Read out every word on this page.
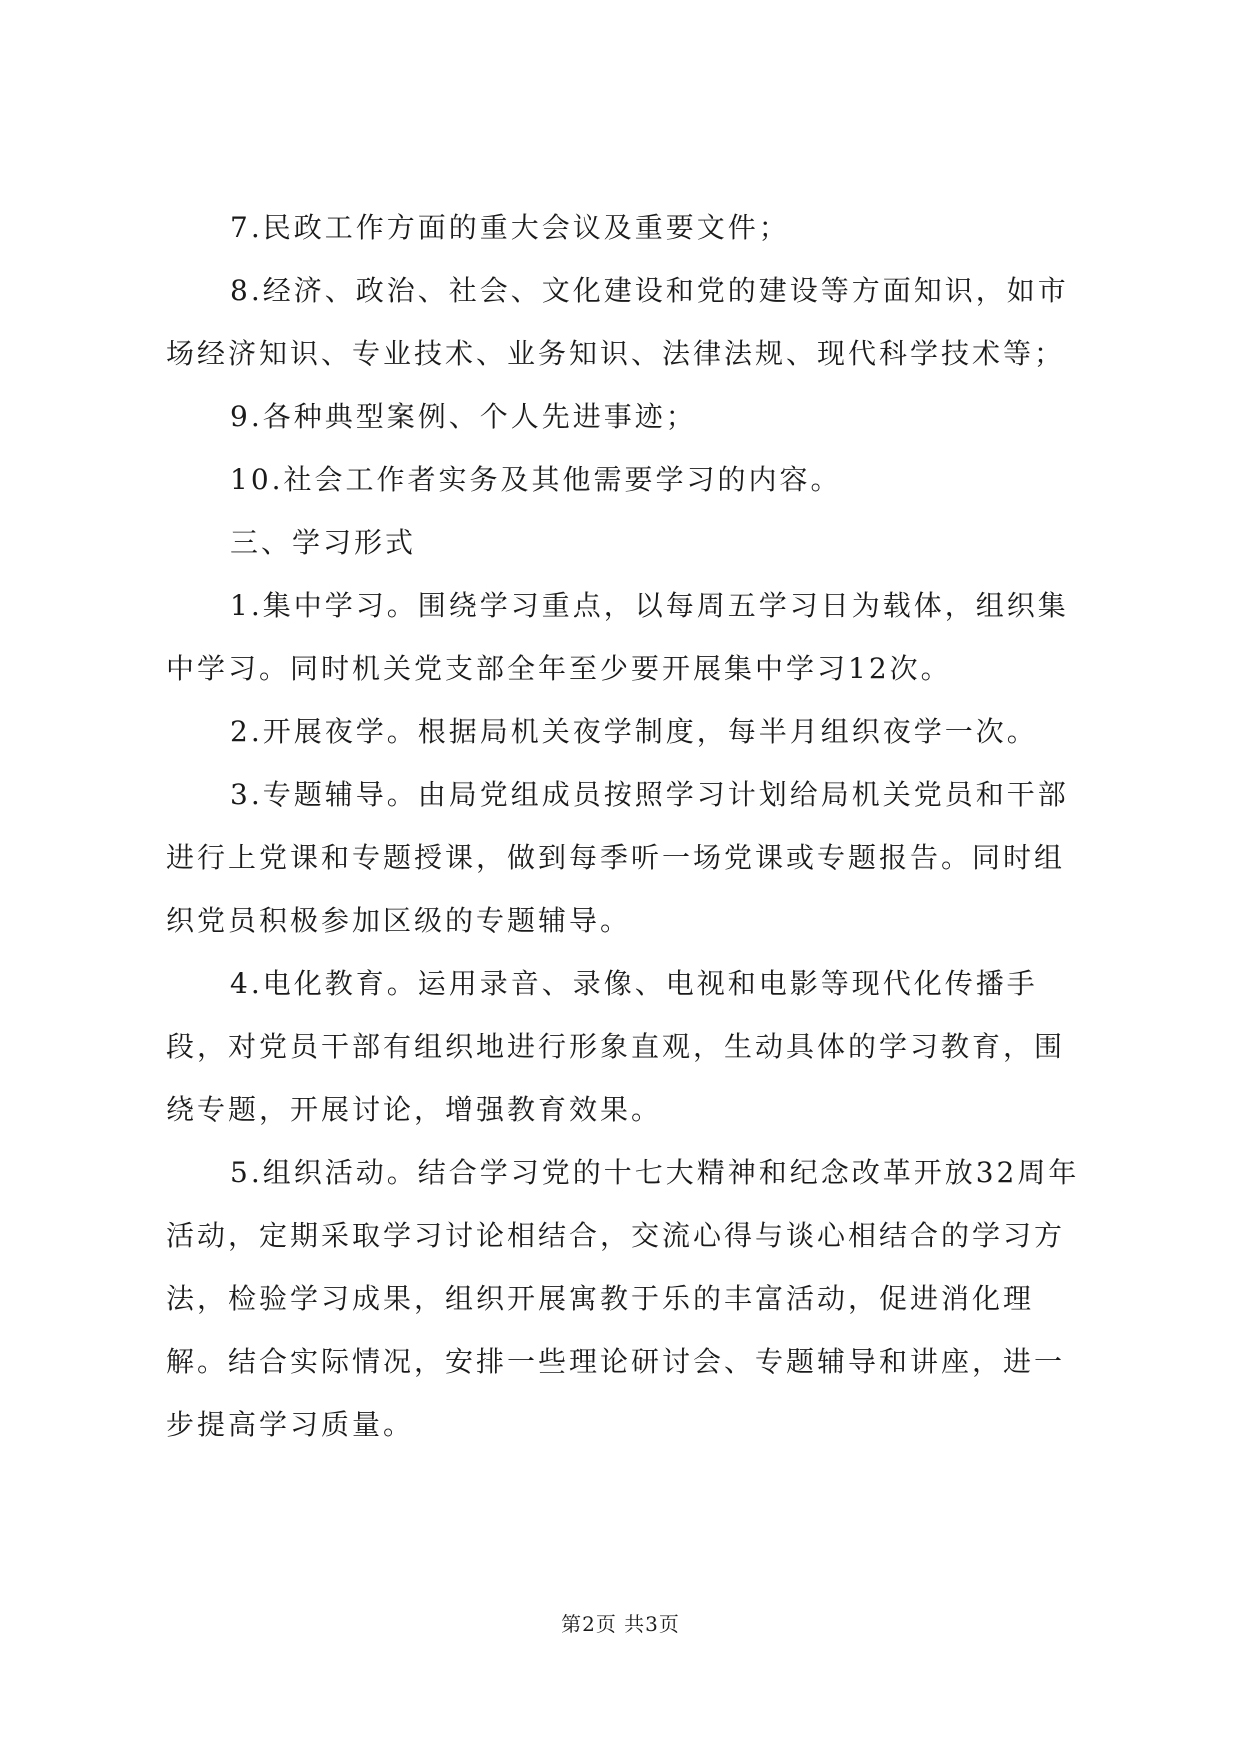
7.民政工作方面的重大会议及重要文件；

8.经济、政治、社会、文化建设和党的建设等方面知识，如市场经济知识、专业技术、业务知识、法律法规、现代科学技术等；

9.各种典型案例、个人先进事迹；

10.社会工作者实务及其他需要学习的内容。

三、学习形式

1.集中学习。围绕学习重点，以每周五学习日为载体，组织集中学习。同时机关党支部全年至少要开展集中学习12次。

2.开展夜学。根据局机关夜学制度，每半月组织夜学一次。

3.专题辅导。由局党组成员按照学习计划给局机关党员和干部进行上党课和专题授课，做到每季听一场党课或专题报告。同时组织党员积极参加区级的专题辅导。

4.电化教育。运用录音、录像、电视和电影等现代化传播手段，对党员干部有组织地进行形象直观，生动具体的学习教育，围绕专题，开展讨论，增强教育效果。

5.组织活动。结合学习党的十七大精神和纪念改革开放32周年活动，定期采取学习讨论相结合，交流心得与谈心相结合的学习方法，检验学习成果，组织开展寓教于乐的丰富活动，促进消化理解。结合实际情况，安排一些理论研讨会、专题辅导和讲座，进一步提高学习质量。

第2页 共3页
